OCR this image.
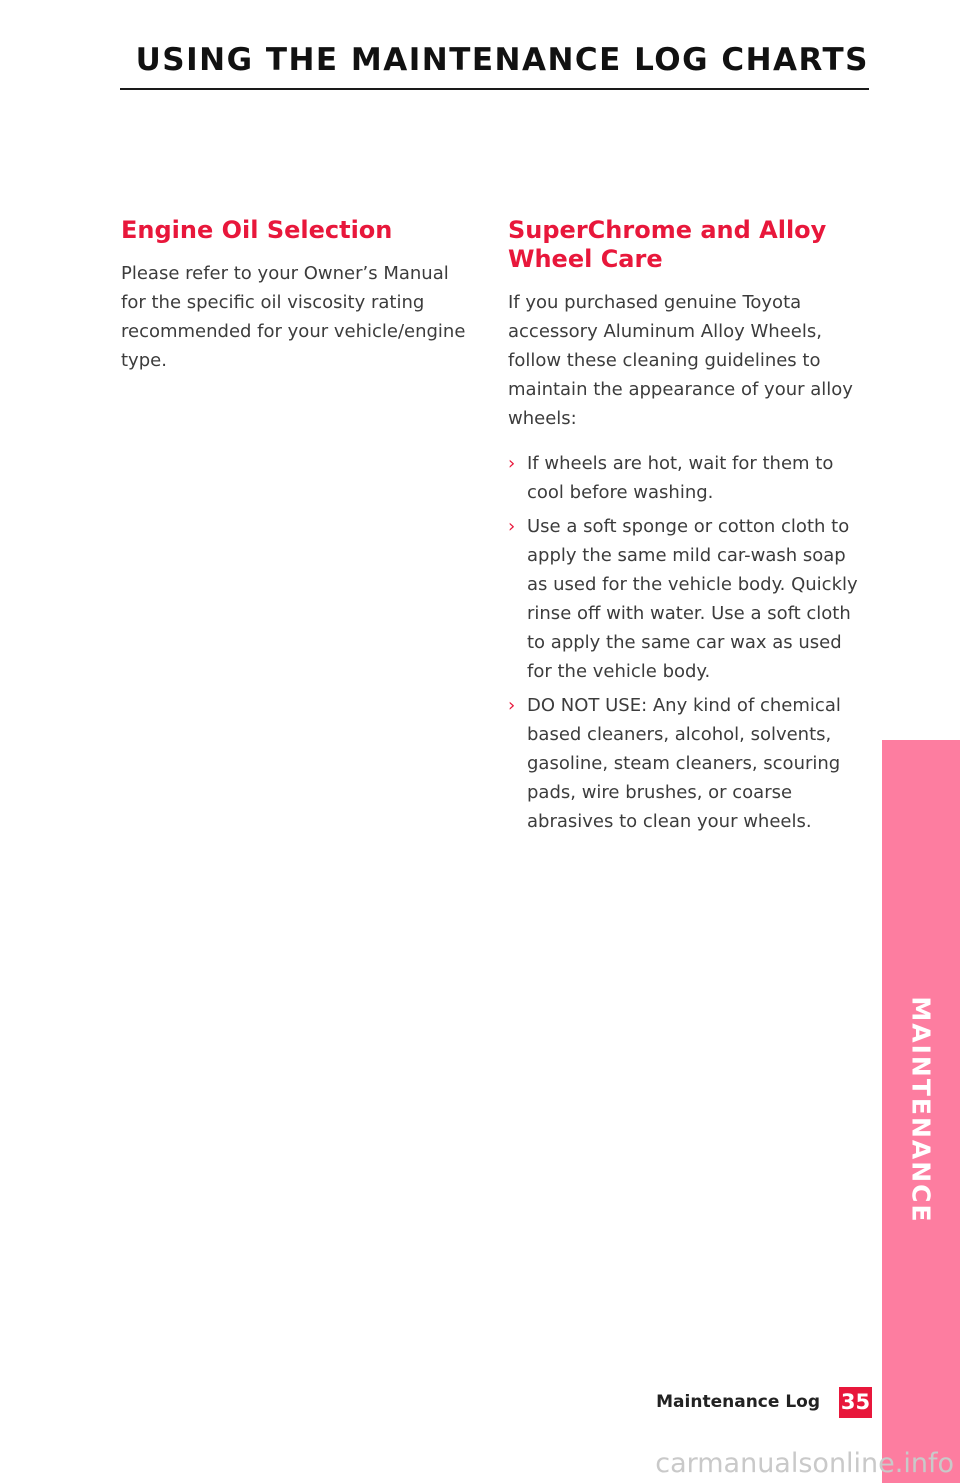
USING THE MAINTENANCE LOG CHARTS
Engine Oil Selection

Please refer to your Owner’s Manual for the specific oil viscosity rating recommended for your vehicle/engine type.

SuperChrome and Alloy Wheel Care

If you purchased genuine Toyota accessory Aluminum Alloy Wheels, follow these cleaning guidelines to maintain the appearance of your alloy wheels:

› If wheels are hot, wait for them to cool before washing.
› Use a soft sponge or cotton cloth to apply the same mild car-wash soap as used for the vehicle body. Quickly rinse off with water. Use a soft cloth to apply the same car wax as used for the vehicle body.
› DO NOT USE: Any kind of chemical based cleaners, alcohol, solvents, gasoline, steam cleaners, scouring pads, wire brushes, or coarse abrasives to clean your wheels.
MAINTENANCE
Maintenance Log 35
carmanualsonline.info
